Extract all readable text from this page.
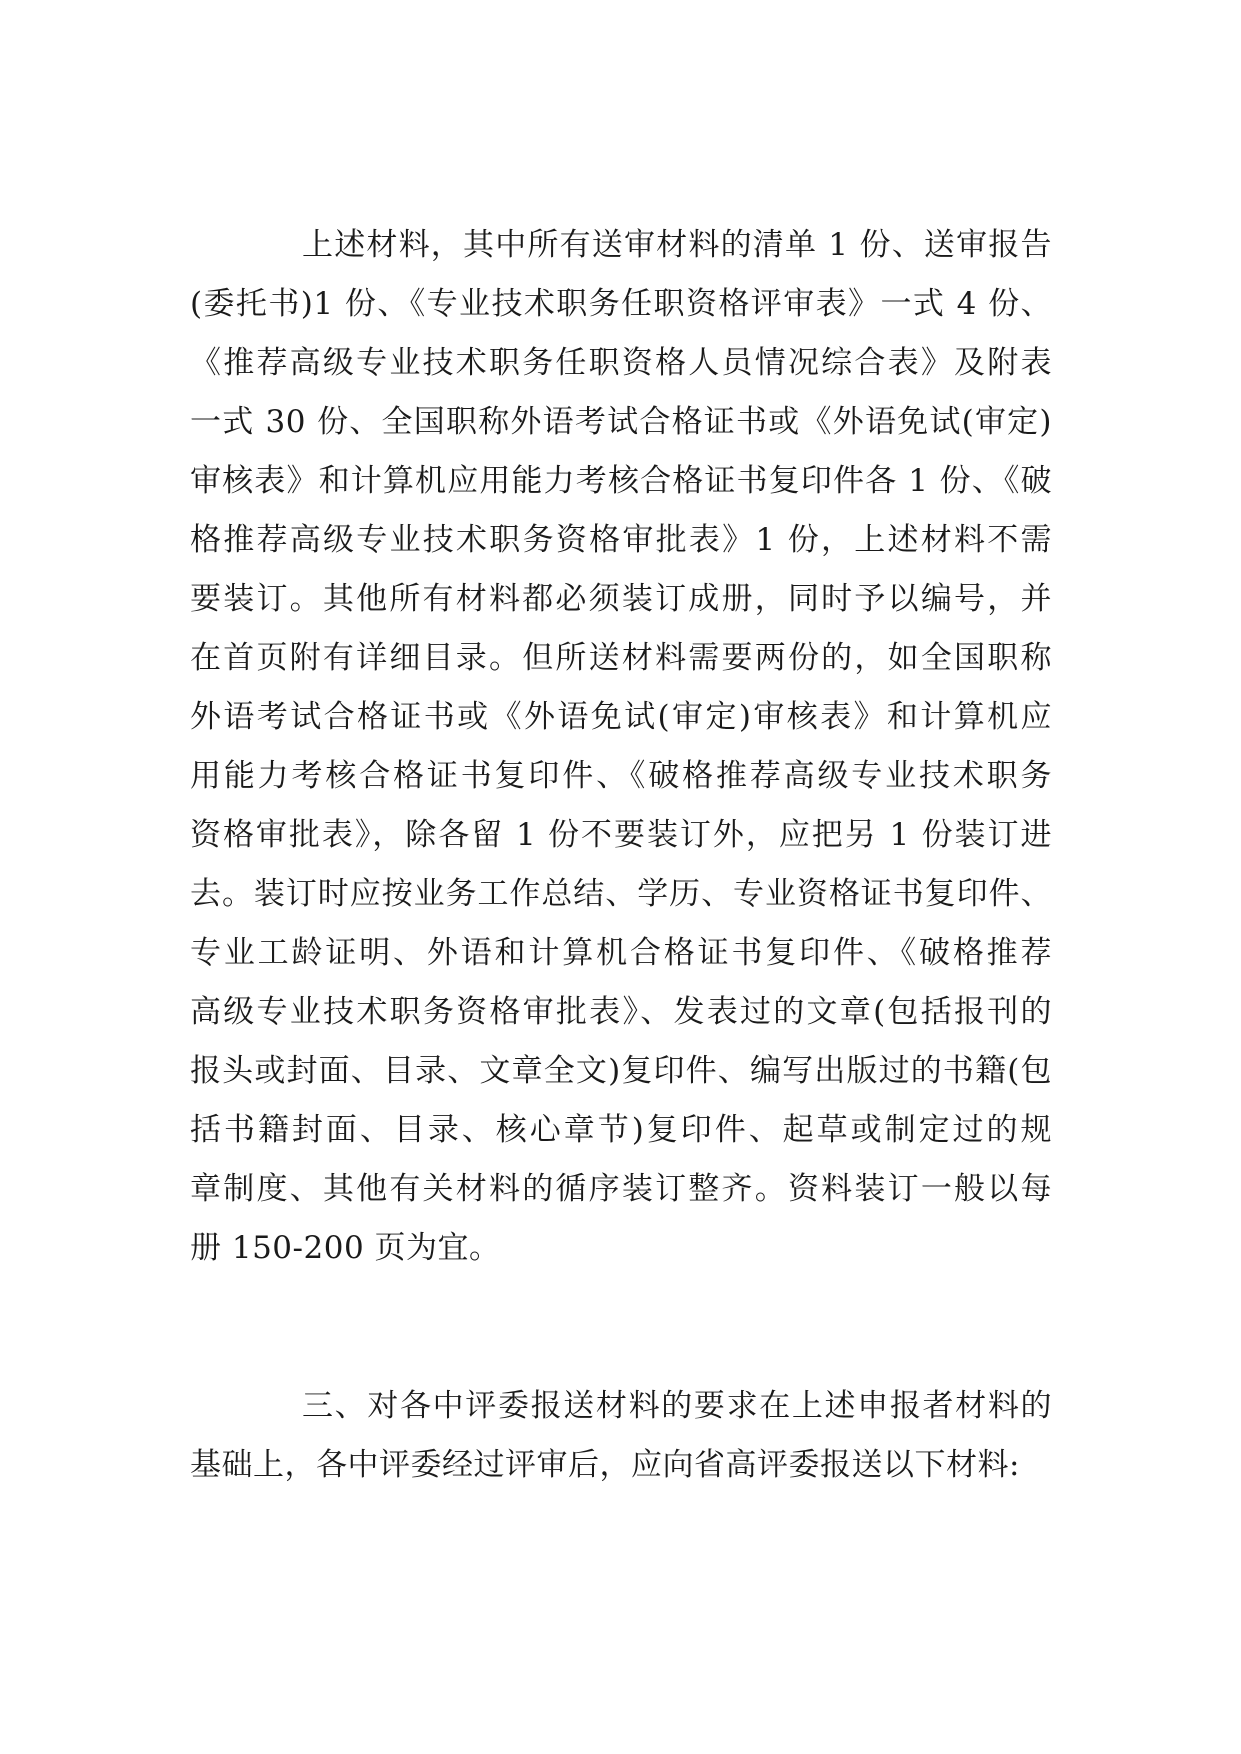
上述材料，其中所有送审材料的清单 1 份、送审报告
(委托书)1 份、《专业技术职务任职资格评审表》一式 4 份、
《推荐高级专业技术职务任职资格人员情况综合表》及附表
一式 30 份、全国职称外语考试合格证书或《外语免试(审定)
审核表》和计算机应用能力考核合格证书复印件各 1 份、《破
格推荐高级专业技术职务资格审批表》1 份，上述材料不需
要装订。其他所有材料都必须装订成册，同时予以编号，并
在首页附有详细目录。但所送材料需要两份的，如全国职称
外语考试合格证书或《外语免试(审定)审核表》和计算机应
用能力考核合格证书复印件、《破格推荐高级专业技术职务
资格审批表》，除各留 1 份不要装订外，应把另 1 份装订进
去。装订时应按业务工作总结、学历、专业资格证书复印件、
专业工龄证明、外语和计算机合格证书复印件、《破格推荐
高级专业技术职务资格审批表》、发表过的文章(包括报刊的
报头或封面、目录、文章全文)复印件、编写出版过的书籍(包
括书籍封面、目录、核心章节)复印件、起草或制定过的规
章制度、其他有关材料的循序装订整齐。资料装订一般以每
册 150-200 页为宜。
三、对各中评委报送材料的要求在上述申报者材料的
基础上，各中评委经过评审后，应向省高评委报送以下材料:
